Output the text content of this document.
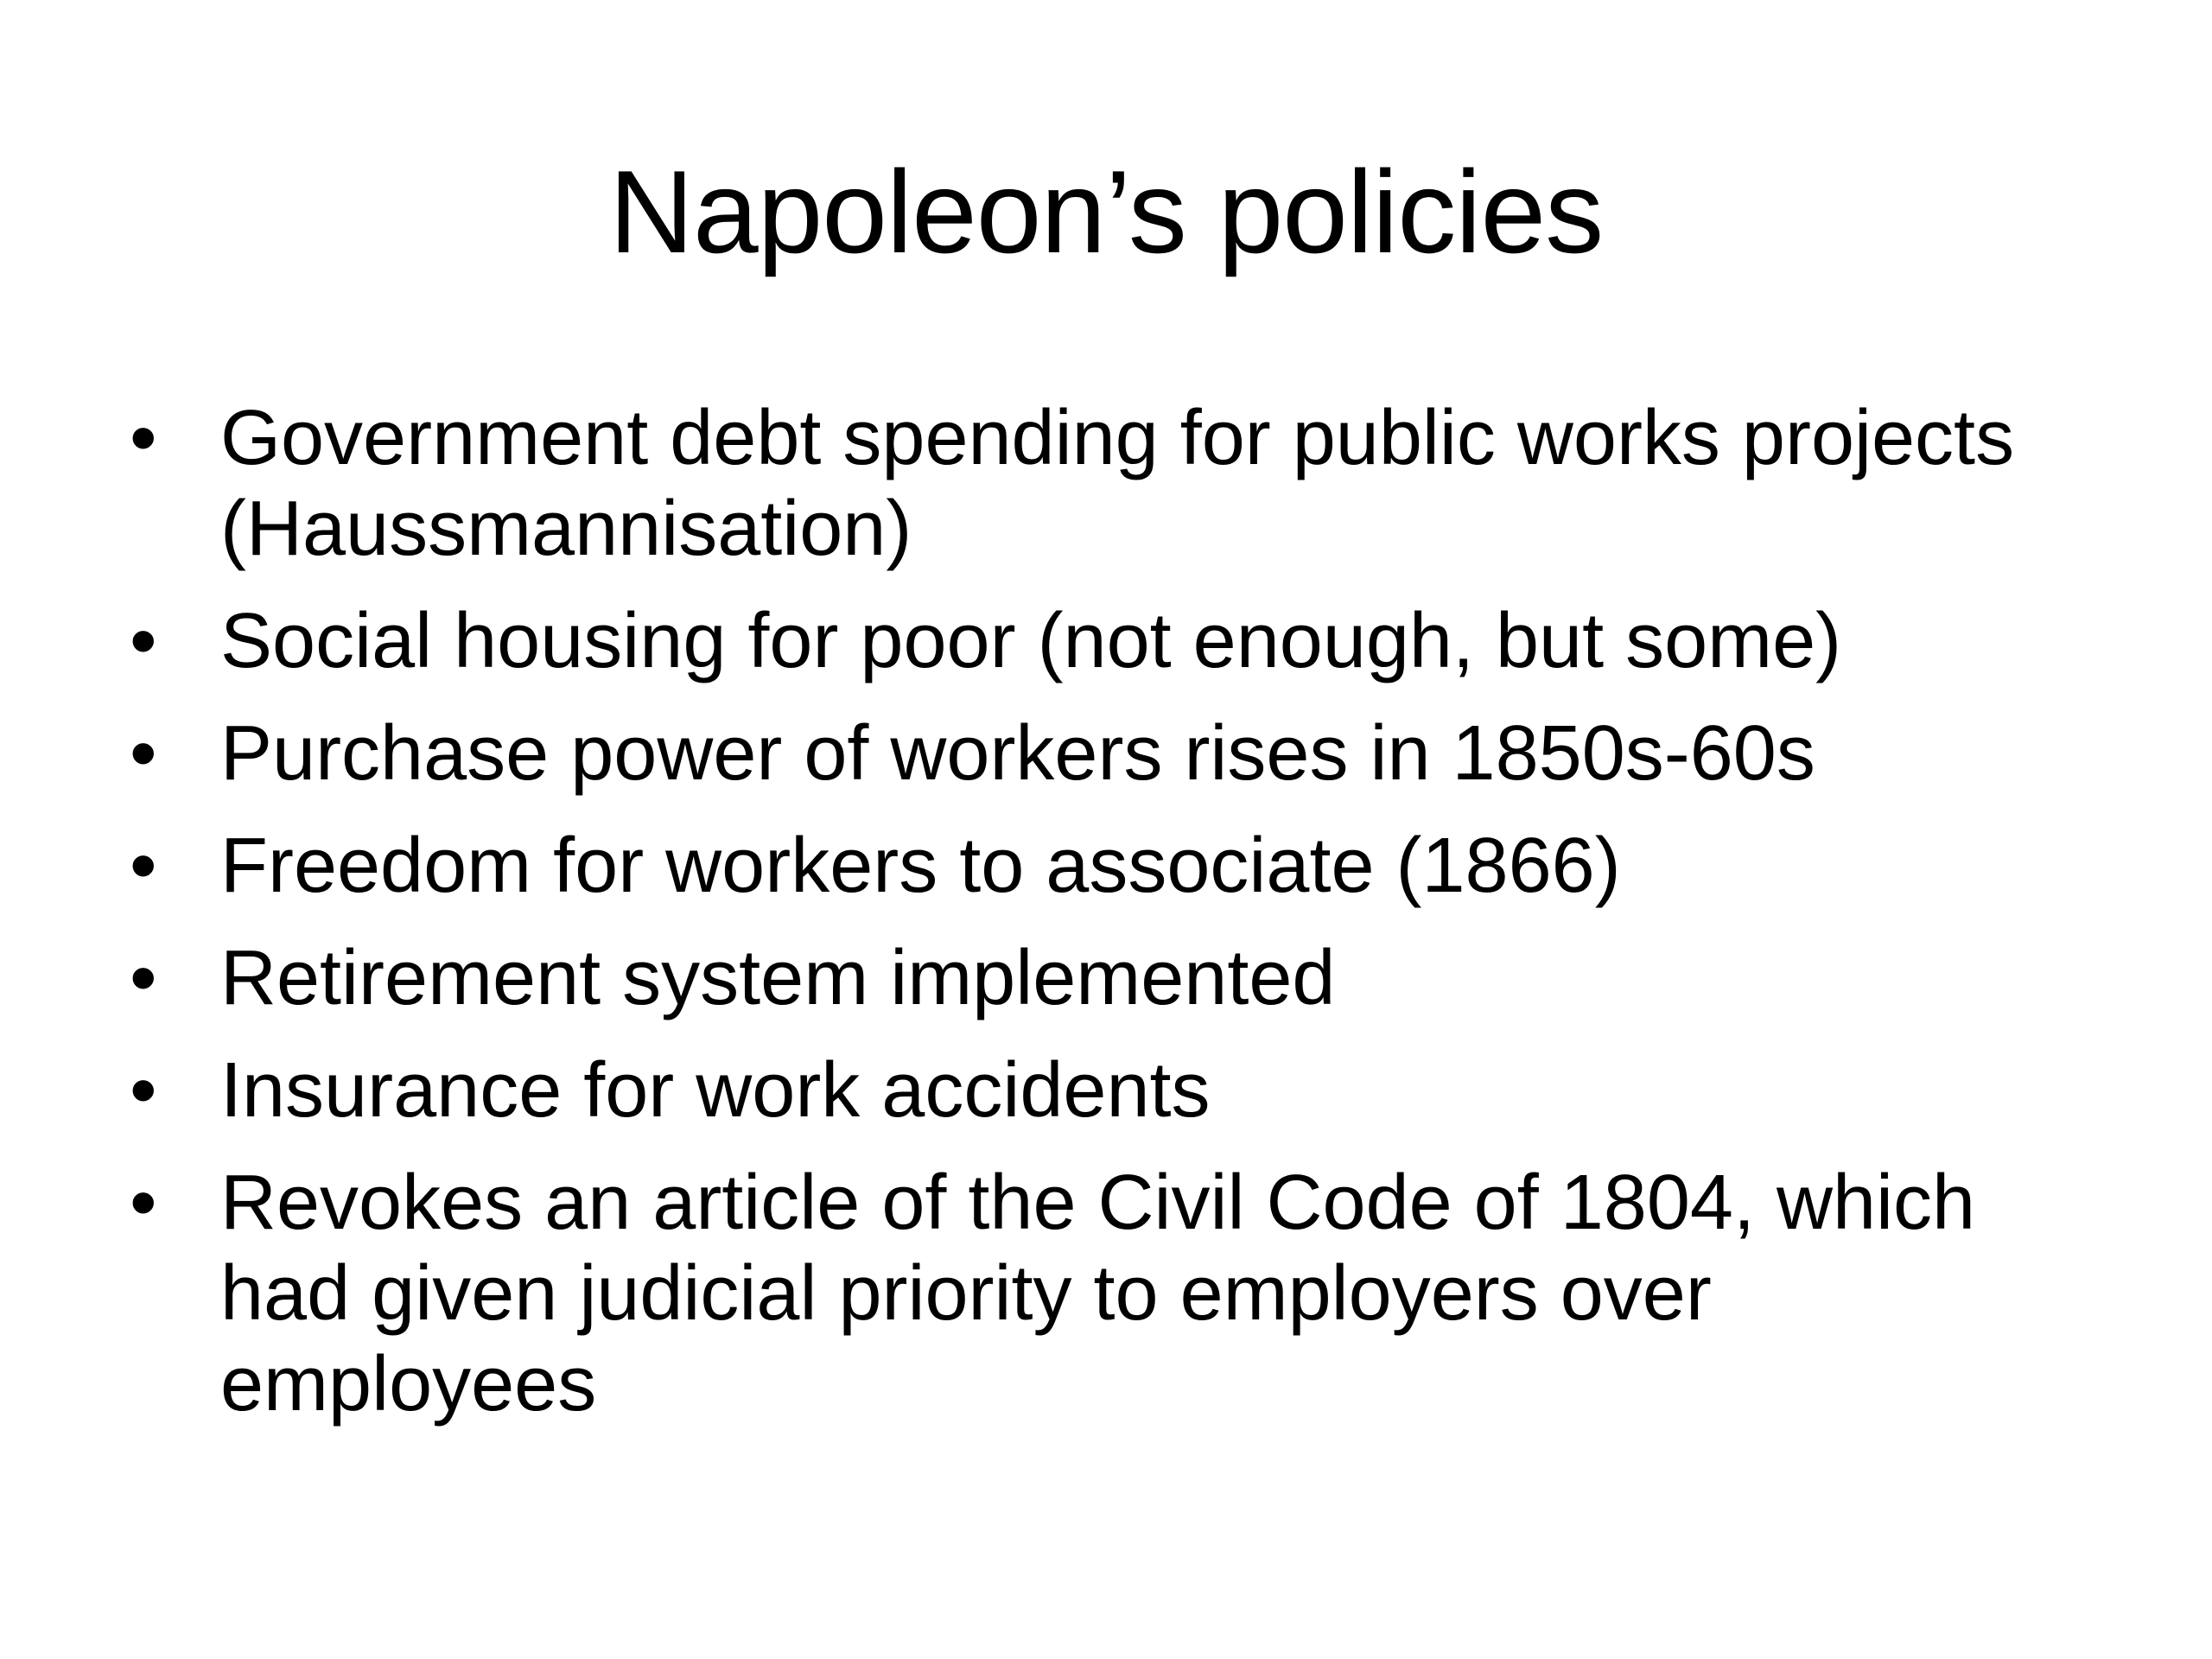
Napoleon’s policies
• Government debt spending for public works projects (Haussmannisation)
• Social housing for poor (not enough, but some)
• Purchase power of workers rises in 1850s-60s
• Freedom for workers to associate (1866)
• Retirement system implemented
• Insurance for work accidents
• Revokes an article of the Civil Code of 1804, which had given judicial priority to employers over employees
